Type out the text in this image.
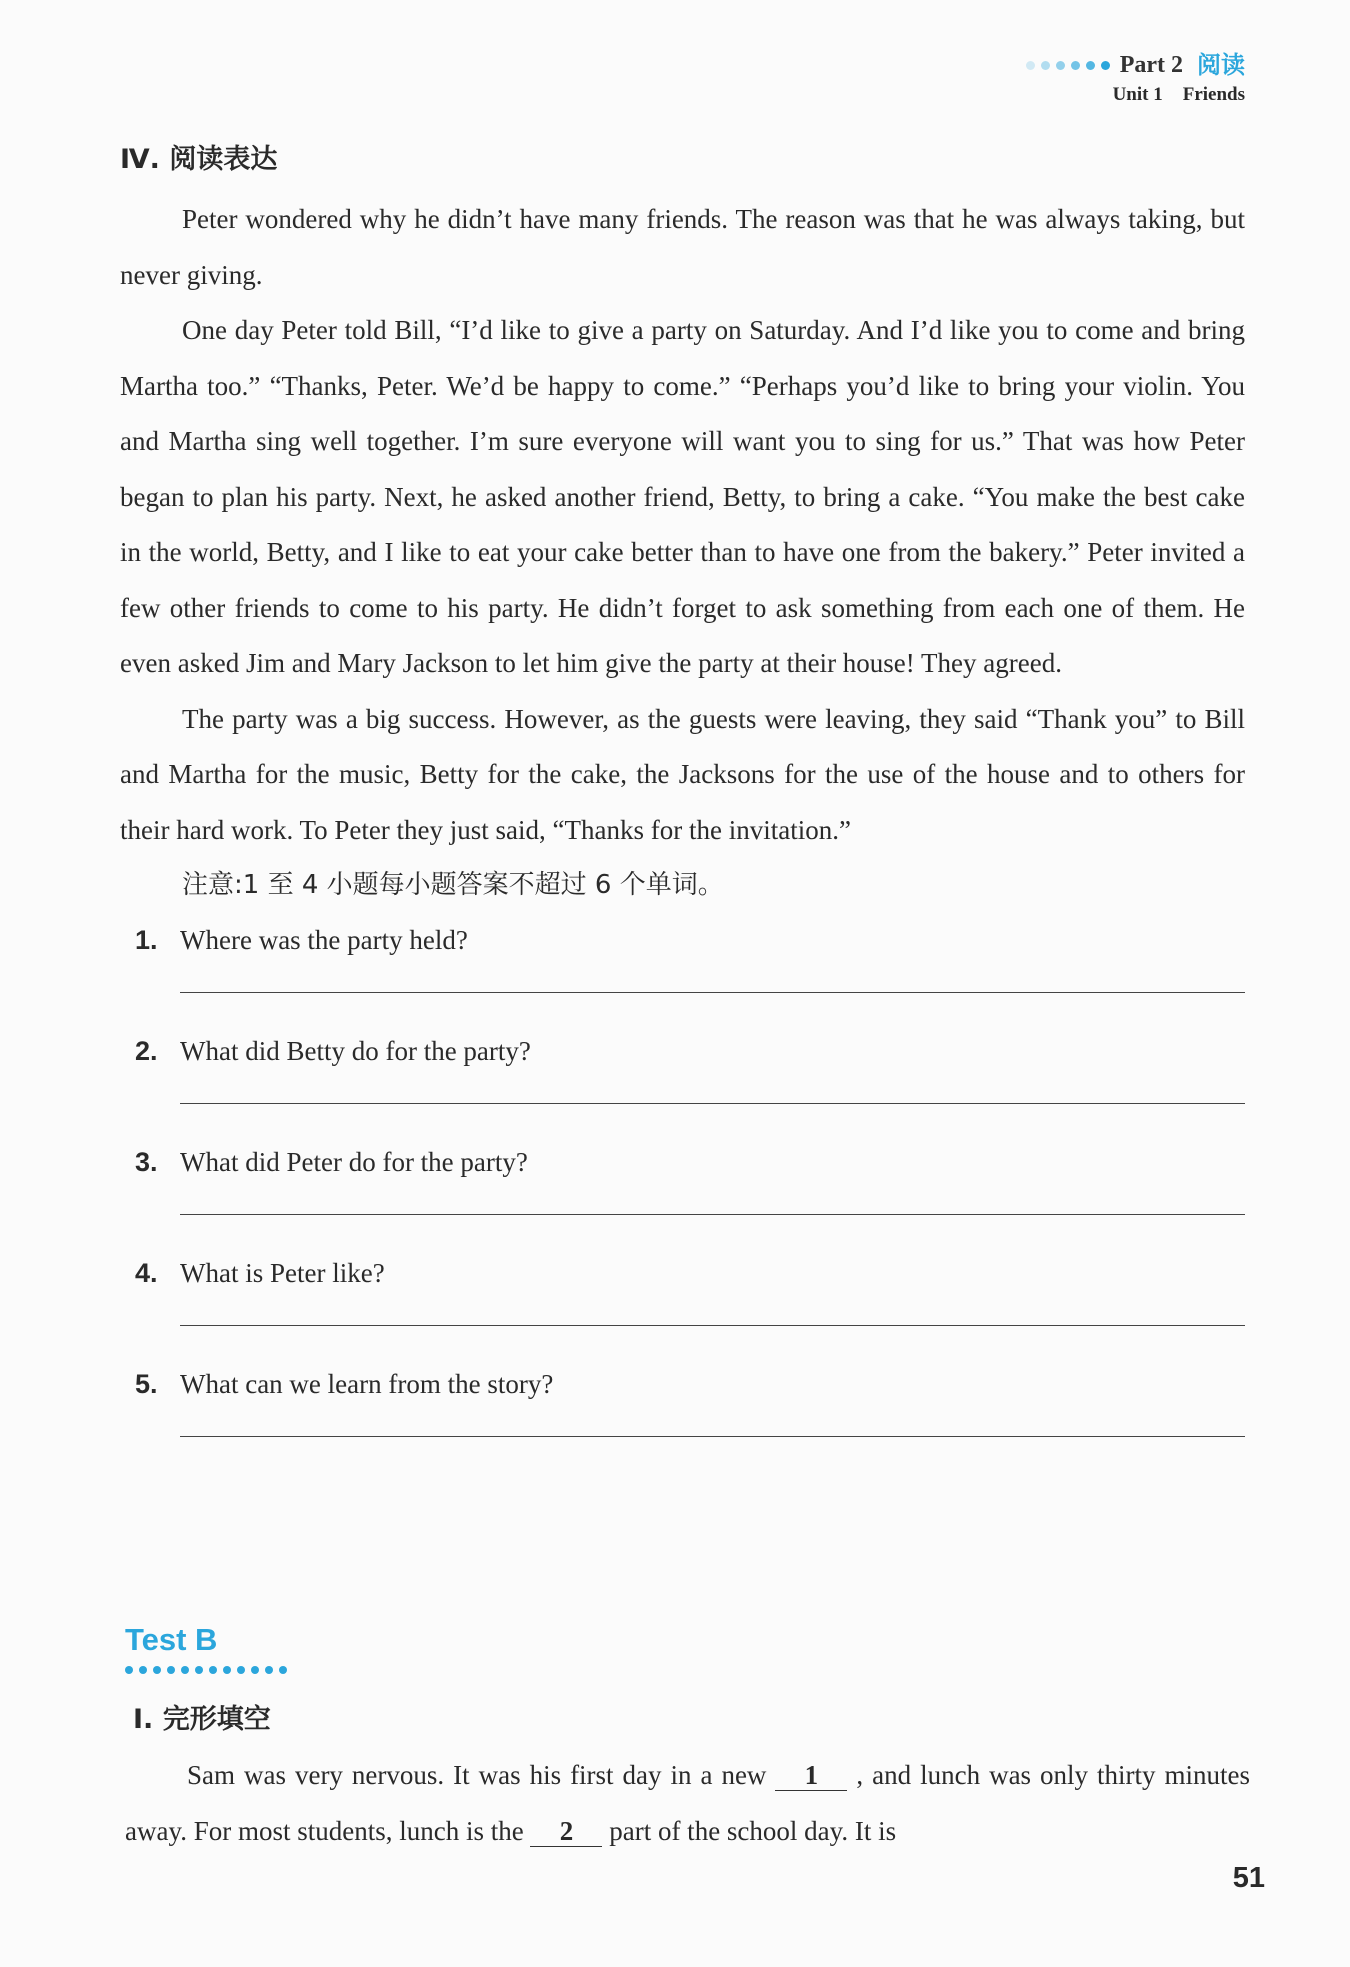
Part 2 阅读
Unit 1 Friends
Ⅳ. 阅读表达

Peter wondered why he didn’t have many friends. The reason was that he was always taking, but never giving.

One day Peter told Bill, “I’d like to give a party on Saturday. And I’d like you to come and bring Martha too.” “Thanks, Peter. We’d be happy to come.” “Perhaps you’d like to bring your violin. You and Martha sing well together. I’m sure everyone will want you to sing for us.” That was how Peter began to plan his party. Next, he asked another friend, Betty, to bring a cake. “You make the best cake in the world, Betty, and I like to eat your cake better than to have one from the bakery.” Peter invited a few other friends to come to his party. He didn’t forget to ask something from each one of them. He even asked Jim and Mary Jackson to let him give the party at their house! They agreed.

The party was a big success. However, as the guests were leaving, they said “Thank you” to Bill and Martha for the music, Betty for the cake, the Jacksons for the use of the house and to others for their hard work. To Peter they just said, “Thanks for the invitation.”

注意:1 至 4 小题每小题答案不超过 6 个单词。
1. Where was the party held?
2. What did Betty do for the party?
3. What did Peter do for the party?
4. What is Peter like?
5. What can we learn from the story?
Test B
Ⅰ. 完形填空

Sam was very nervous. It was his first day in a new 1 , and lunch was only thirty minutes away. For most students, lunch is the 2 part of the school day. It is

51
